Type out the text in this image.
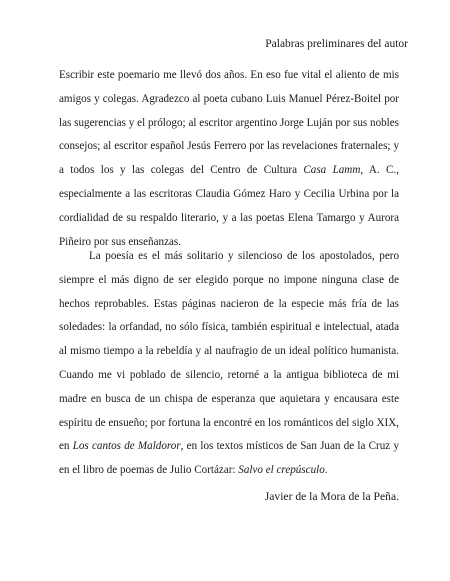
Palabras preliminares del autor

Escribir este poemario me llevó dos años. En eso fue vital el aliento de mis amigos y colegas. Agradezco al poeta cubano Luis Manuel Pérez-Boitel por las sugerencias y el prólogo; al escritor argentino Jorge Luján por sus nobles consejos; al escritor español Jesús Ferrero por las revelaciones fraternales; y a todos los y las colegas del Centro de Cultura Casa Lamm, A. C., especialmente a las escritoras Claudia Gómez Haro y Cecilia Urbina por la cordialidad de su respaldo literario, y a las poetas Elena Tamargo y Aurora Piñeiro por sus enseñanzas.

La poesía es el más solitario y silencioso de los apostolados, pero siempre el más digno de ser elegido porque no impone ninguna clase de hechos reprobables. Estas páginas nacieron de la especie más fría de las soledades: la orfandad, no sólo física, también espiritual e intelectual, atada al mismo tiempo a la rebeldía y al naufragio de un ideal político humanista. Cuando me vi poblado de silencio, retorné a la antigua biblioteca de mi madre en busca de un chispa de esperanza que aquietara y encausara este espíritu de ensueño; por fortuna la encontré en los románticos del siglo XIX, en Los cantos de Maldoror, en los textos místicos de San Juan de la Cruz y en el libro de poemas de Julio Cortázar: Salvo el crepúsculo.

Javier de la Mora de la Peña.
